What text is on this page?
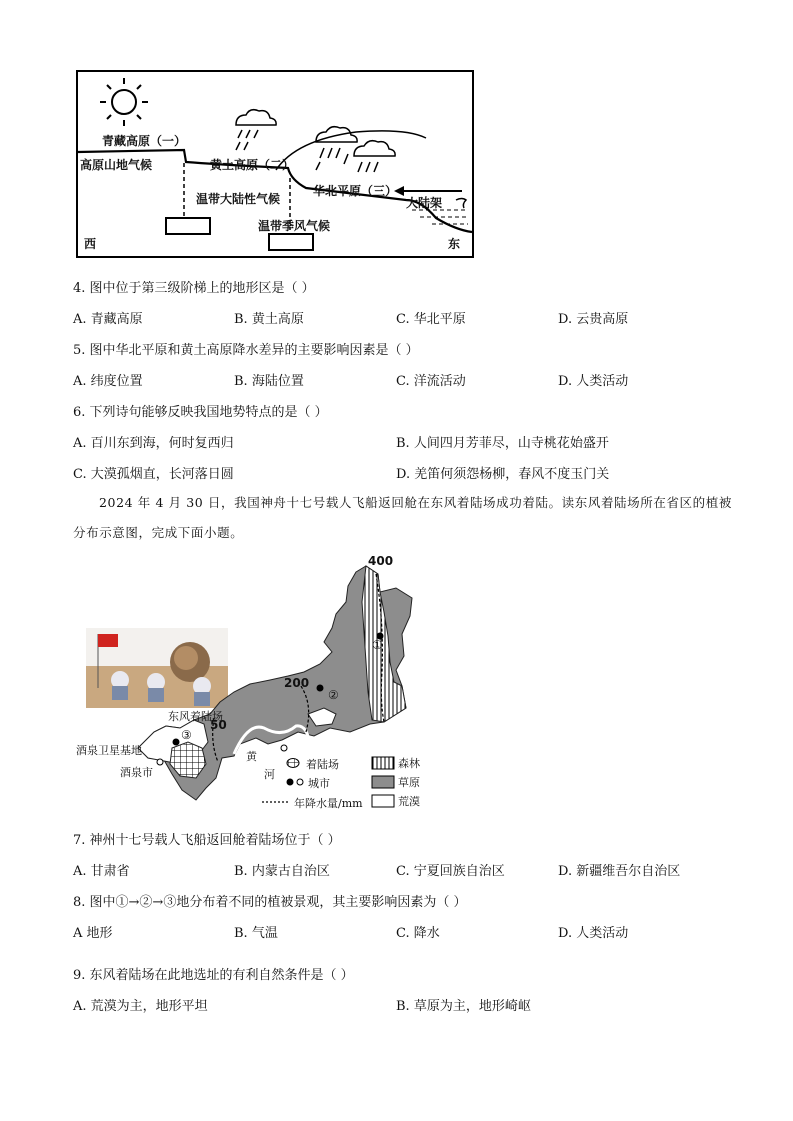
青藏高原（一）
高原山地气候	黄土高原（二）
温带大陆性气候
华北平原（三）
大陆架
温带季风气候
西	东
4. 图中位于第三级阶梯上的地形区是（ ）
A. 青藏高原	B. 黄土高原	C. 华北平原	D. 云贵高原
5. 图中华北平原和黄土高原降水差异的主要影响因素是（ ）
A. 纬度位置	B. 海陆位置	C. 洋流活动	D. 人类活动
6. 下列诗句能够反映我国地势特点的是（ ）
A. 百川东到海，何时复西归	B. 人间四月芳菲尽，山寺桃花始盛开
C. 大漠孤烟直，长河落日圆	D. 羌笛何须怨杨柳，春风不度玉门关
2024 年 4 月 30 日，我国神舟十七号载人飞船返回舱在东风着陆场成功着陆。读东风着陆场所在省区的植被分布示意图，完成下面小题。
400
200
50
东风着陆场
酒泉卫星基地
酒泉市
黄
河
①
②
③
着陆场
城市
年降水量/mm
森林
草原
荒漠
7. 神州十七号载人飞船返回舱着陆场位于（ ）
A. 甘肃省	B. 内蒙古自治区	C. 宁夏回族自治区	D. 新疆维吾尔自治区
8. 图中①→②→③地分布着不同的植被景观，其主要影响因素为（ ）
A 地形	B. 气温	C. 降水	D. 人类活动
9. 东风着陆场在此地选址的有利自然条件是（ ）
A. 荒漠为主，地形平坦	B. 草原为主，地形崎岖
